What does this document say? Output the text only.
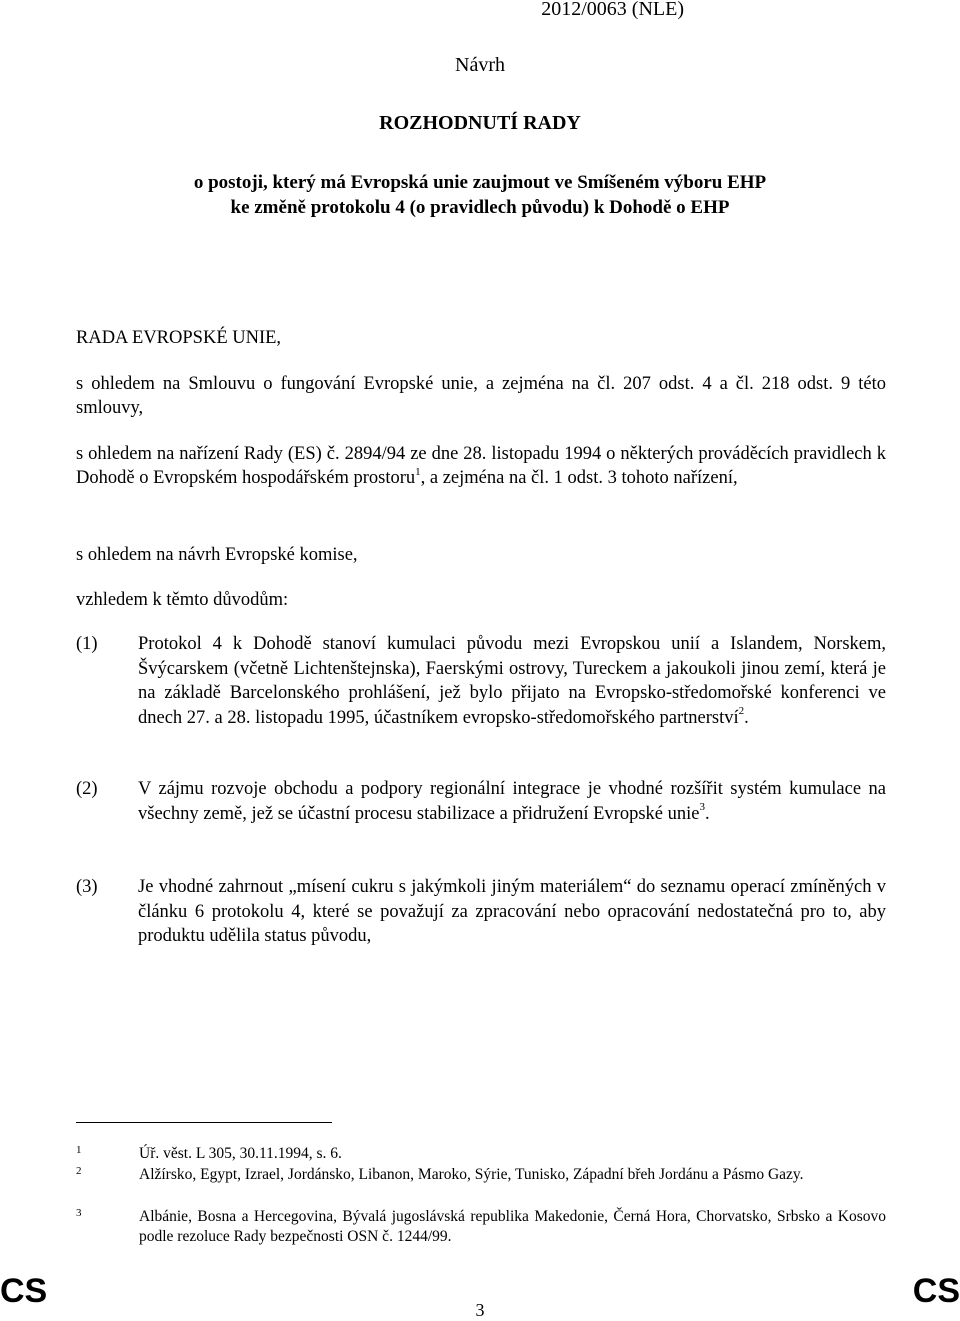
2012/0063 (NLE)
Návrh
ROZHODNUTÍ RADY
o postoji, který má Evropská unie zaujmout ve Smíšeném výboru EHP
ke změně protokolu 4 (o pravidlech původu) k Dohodě o EHP
RADA EVROPSKÉ UNIE,
s ohledem na Smlouvu o fungování Evropské unie, a zejména na čl. 207 odst. 4 a čl. 218 odst. 9 této smlouvy,
s ohledem na nařízení Rady (ES) č. 2894/94 ze dne 28. listopadu 1994 o některých prováděcích pravidlech k Dohodě o Evropském hospodářském prostoru$^1$, a zejména na čl. 1 odst. 3 tohoto nařízení,
s ohledem na návrh Evropské komise,
vzhledem k těmto důvodům:
(1) Protokol 4 k Dohodě stanoví kumulaci původu mezi Evropskou unií a Islandem, Norskem, Švýcarskem (včetně Lichtenštejnska), Faerskými ostrovy, Tureckem a jakoukoli jinou zemí, která je na základě Barcelonského prohlášení, jež bylo přijato na Evropsko-středomořské konferenci ve dnech 27. a 28. listopadu 1995, účastníkem evropsko-středomořského partnerství$^2$.
(2) V zájmu rozvoje obchodu a podpory regionální integrace je vhodné rozšířit systém kumulace na všechny země, jež se účastní procesu stabilizace a přidružení Evropské unie$^3$.
(3) Je vhodné zahrnout „mísení cukru s jakýmkoli jiným materiálem“ do seznamu operací zmíněných v článku 6 protokolu 4, které se považují za zpracování nebo opracování nedostatečná pro to, aby produktu udělila status původu,
1	Úř. věst. L 305, 30.11.1994, s. 6.
2	Alžírsko, Egypt, Izrael, Jordánsko, Libanon, Maroko, Sýrie, Tunisko, Západní břeh Jordánu a Pásmo Gazy.
3	Albánie, Bosna a Hercegovina, Bývalá jugoslávská republika Makedonie, Černá Hora, Chorvatsko, Srbsko a Kosovo podle rezoluce Rady bezpečnosti OSN č. 1244/99.
CS	3	CS
